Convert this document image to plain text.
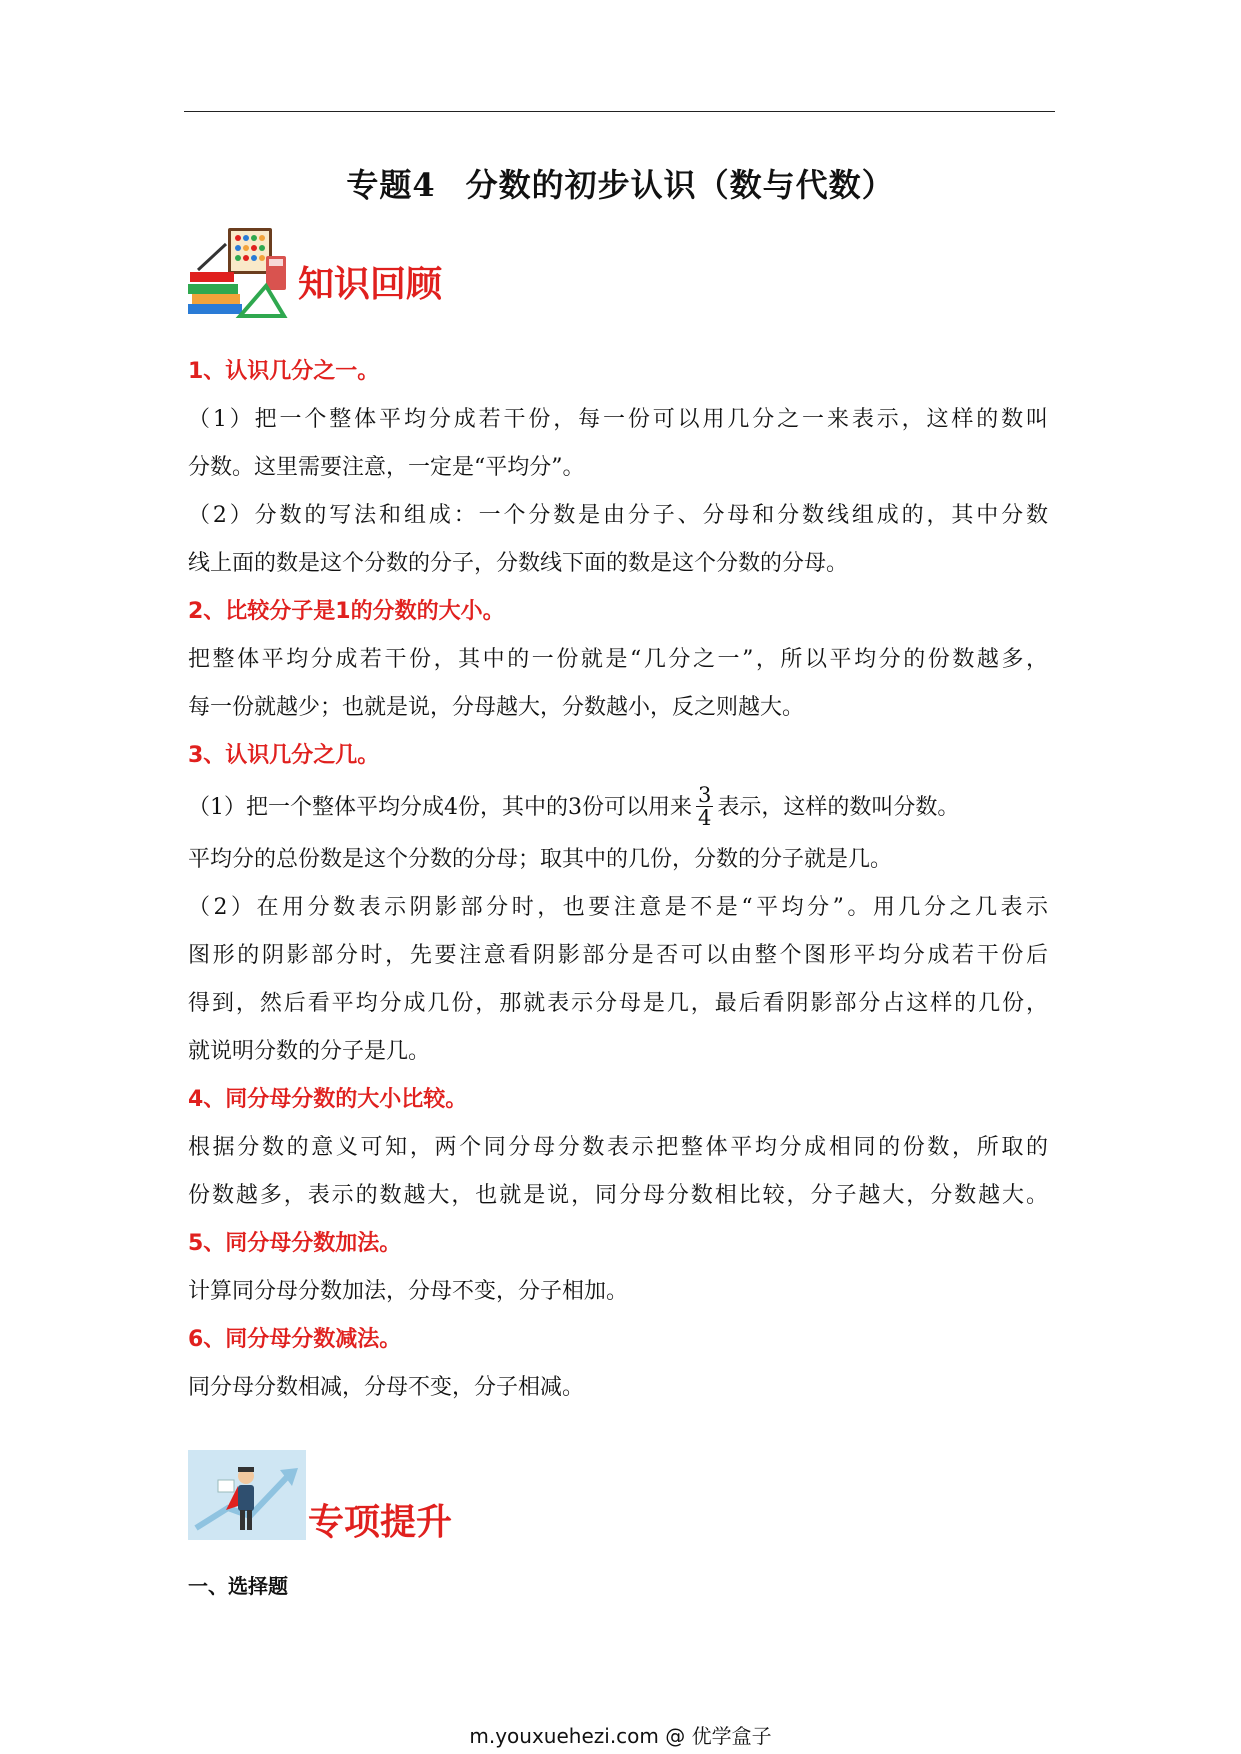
专题4 分数的初步认识（数与代数）
知识回顾
1、认识几分之一。

（1）把一个整体平均分成若干份，每一份可以用几分之一来表示，这样的数叫

分数。这里需要注意，一定是“平均分”。

（2）分数的写法和组成：一个分数是由分子、分母和分数线组成的，其中分数

线上面的数是这个分数的分子，分数线下面的数是这个分数的分母。

2、比较分子是1的分数的大小。

把整体平均分成若干份，其中的一份就是“几分之一”，所以平均分的份数越多，

每一份就越少；也就是说，分母越大，分数越小，反之则越大。

3、认识几分之几。

（1）把一个整体平均分成4份，其中的3份可以用来 $\frac{3}{4}$ 表示，这样的数叫分数。

平均分的总份数是这个分数的分母；取其中的几份，分数的分子就是几。

（2）在用分数表示阴影部分时，也要注意是不是“平均分”。用几分之几表示

图形的阴影部分时，先要注意看阴影部分是否可以由整个图形平均分成若干份后

得到，然后看平均分成几份，那就表示分母是几，最后看阴影部分占这样的几份，

就说明分数的分子是几。

4、同分母分数的大小比较。

根据分数的意义可知，两个同分母分数表示把整体平均分成相同的份数，所取的

份数越多，表示的数越大，也就是说，同分母分数相比较，分子越大，分数越大。

5、同分母分数加法。

计算同分母分数加法，分母不变，分子相加。

6、同分母分数减法。

同分母分数相减，分母不变，分子相减。

专项提升
一、选择题
m.youxuehezi.com @ 优学盒子
